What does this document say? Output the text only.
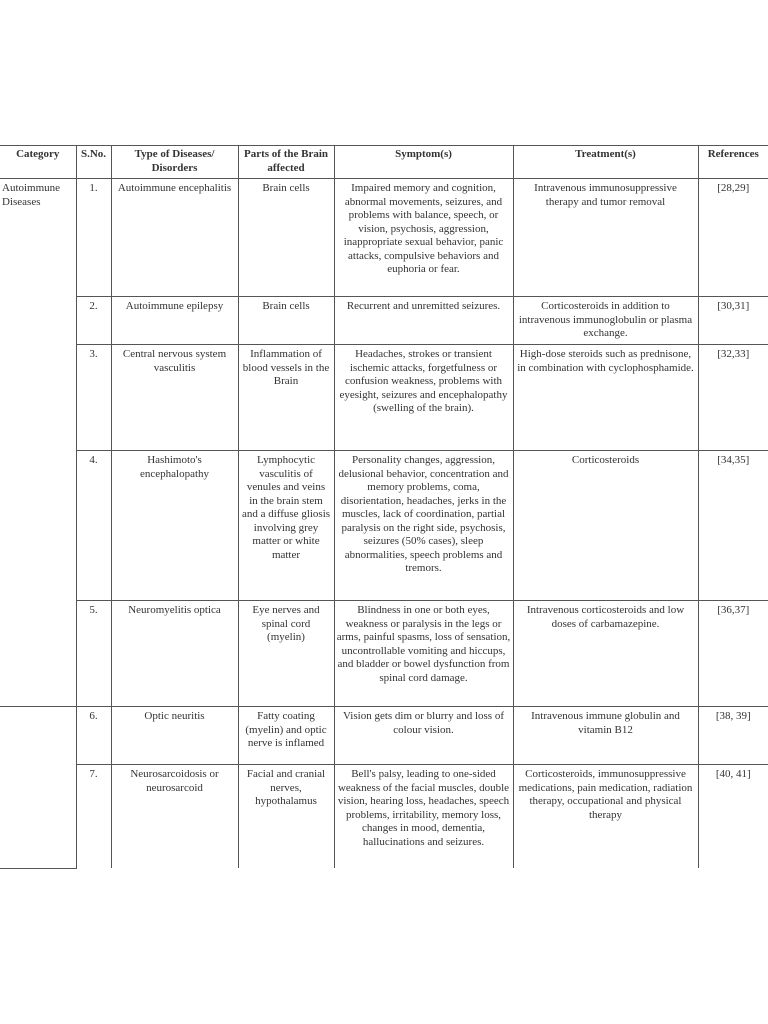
Category	S.No.	Type of Diseases/ Disorders	Parts of the Brain affected	Symptom(s)	Treatment(s)	References
Autoimmune Diseases	1.	Autoimmune encephalitis	Brain cells	Impaired memory and cognition, abnormal movements, seizures, and problems with balance, speech, or vision, psychosis, aggression, inappropriate sexual behavior, panic attacks, compulsive behaviors and euphoria or fear.	Intravenous immunosuppressive therapy and tumor removal	[28,29]
	2.	Autoimmune epilepsy	Brain cells	Recurrent and unremitted seizures.	Corticosteroids in addition to intravenous immunoglobulin or plasma exchange.	[30,31]
	3.	Central nervous system vasculitis	Inflammation of blood vessels in the Brain	Headaches, strokes or transient ischemic attacks, forgetfulness or confusion weakness, problems with eyesight, seizures and encephalopathy (swelling of the brain).	High-dose steroids such as prednisone, in combination with cyclophosphamide.	[32,33]
	4.	Hashimoto's encephalopathy	Lymphocytic vasculitis of venules and veins in the brain stem and a diffuse gliosis involving grey matter or white matter	Personality changes, aggression, delusional behavior, concentration and memory problems, coma, disorientation, headaches, jerks in the muscles, lack of coordination, partial paralysis on the right side, psychosis, seizures (50% cases), sleep abnormalities, speech problems and tremors.	Corticosteroids	[34,35]
	5.	Neuromyelitis optica	Eye nerves and spinal cord (myelin)	Blindness in one or both eyes, weakness or paralysis in the legs or arms, painful spasms, loss of sensation, uncontrollable vomiting and hiccups, and bladder or bowel dysfunction from spinal cord damage.	Intravenous corticosteroids and low doses of carbamazepine.	[36,37]
	6.	Optic neuritis	Fatty coating (myelin) and optic nerve is inflamed	Vision gets dim or blurry and loss of colour vision.	Intravenous immune globulin and vitamin B12	[38, 39]
	7.	Neurosarcoidosis or neurosarcoid	Facial and cranial nerves, hypothalamus	Bell's palsy, leading to one-sided weakness of the facial muscles, double vision, hearing loss, headaches, speech problems, irritability, memory loss, changes in mood, dementia, hallucinations and seizures.	Corticosteroids, immunosuppressive medications, pain medication, radiation therapy, occupational and physical therapy	[40, 41]
